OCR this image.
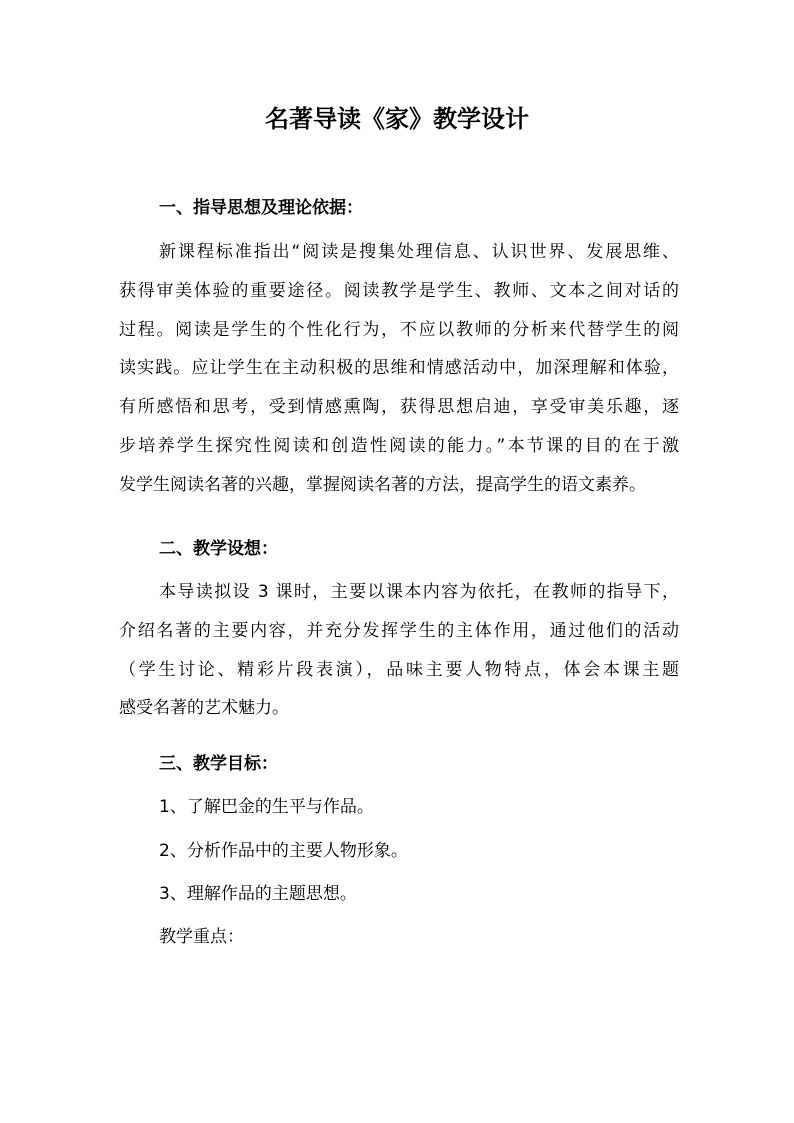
名著导读《家》教学设计
一、指导思想及理论依据：

新课程标准指出“阅读是搜集处理信息、认识世界、发展思维、
获得审美体验的重要途径。阅读教学是学生、教师、文本之间对话的
过程。阅读是学生的个性化行为，不应以教师的分析来代替学生的阅
读实践。应让学生在主动积极的思维和情感活动中，加深理解和体验，
有所感悟和思考，受到情感熏陶，获得思想启迪，享受审美乐趣，逐
步培养学生探究性阅读和创造性阅读的能力。”本节课的目的在于激
发学生阅读名著的兴趣，掌握阅读名著的方法，提高学生的语文素养。

二、教学设想：

本导读拟设 3 课时，主要以课本内容为依托，在教师的指导下，
介绍名著的主要内容，并充分发挥学生的主体作用，通过他们的活动
（学生讨论、精彩片段表演），品味主要人物特点，体会本课主题
感受名著的艺术魅力。

三、教学目标：
1、了解巴金的生平与作品。
2、分析作品中的主要人物形象。
3、理解作品的主题思想。
教学重点：
